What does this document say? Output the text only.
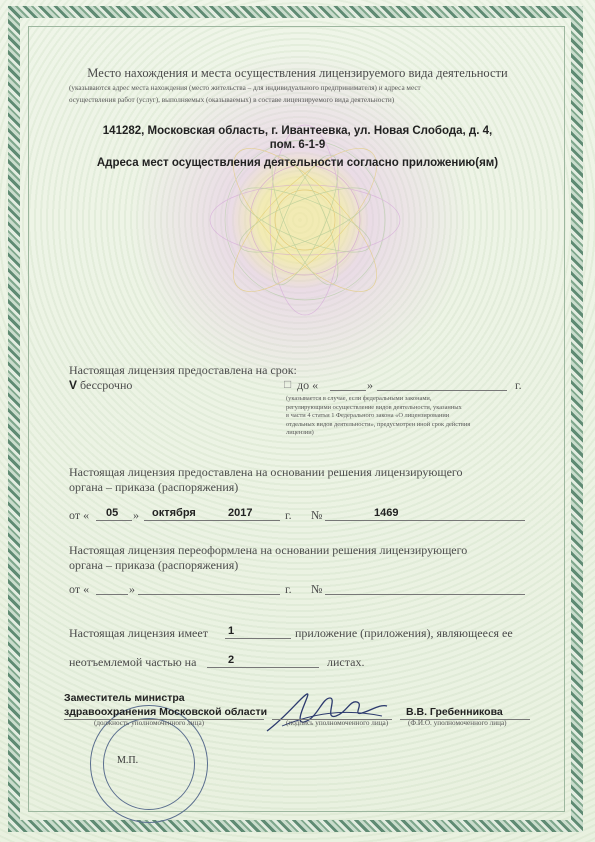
Место нахождения и места осуществления лицензируемого вида деятельности
(указываются адрес места нахождения (место жительства – для индивидуального предпринимателя) и адреса мест
осуществления работ (услуг), выполняемых (оказываемых) в составе лицензируемого вида деятельности)
141282, Московская область, г. Ивантеевка, ул. Новая Слобода, д. 4,
пом. 6-1-9
Адреса мест осуществления деятельности согласно приложению(ям)
Настоящая лицензия предоставлена на срок:
V бессрочно	□ до «	»	г.
(указывается в случае, если федеральными законами,
регулирующими осуществление видов деятельности, указанных
в части 4 статьи 1 Федерального закона «О лицензировании
отдельных видов деятельности», предусмотрен иной срок действия
лицензии)
Настоящая лицензия предоставлена на основании решения лицензирующего
органа – приказа (распоряжения)
от « 05 » октября	2017	г. №	1469
Настоящая лицензия переоформлена на основании решения лицензирующего
органа – приказа (распоряжения)
от «	»	г. №
Настоящая лицензия имеет 1	приложение (приложения), являющееся ее
неотъемлемой частью на	2	листах.
М.П.
Заместитель министра
здравоохранения Московской области
(должность уполномоченного лица)	(подпись уполномоченного лица)
В.В. Гребенникова
(Ф.И.О. уполномоченного лица)
